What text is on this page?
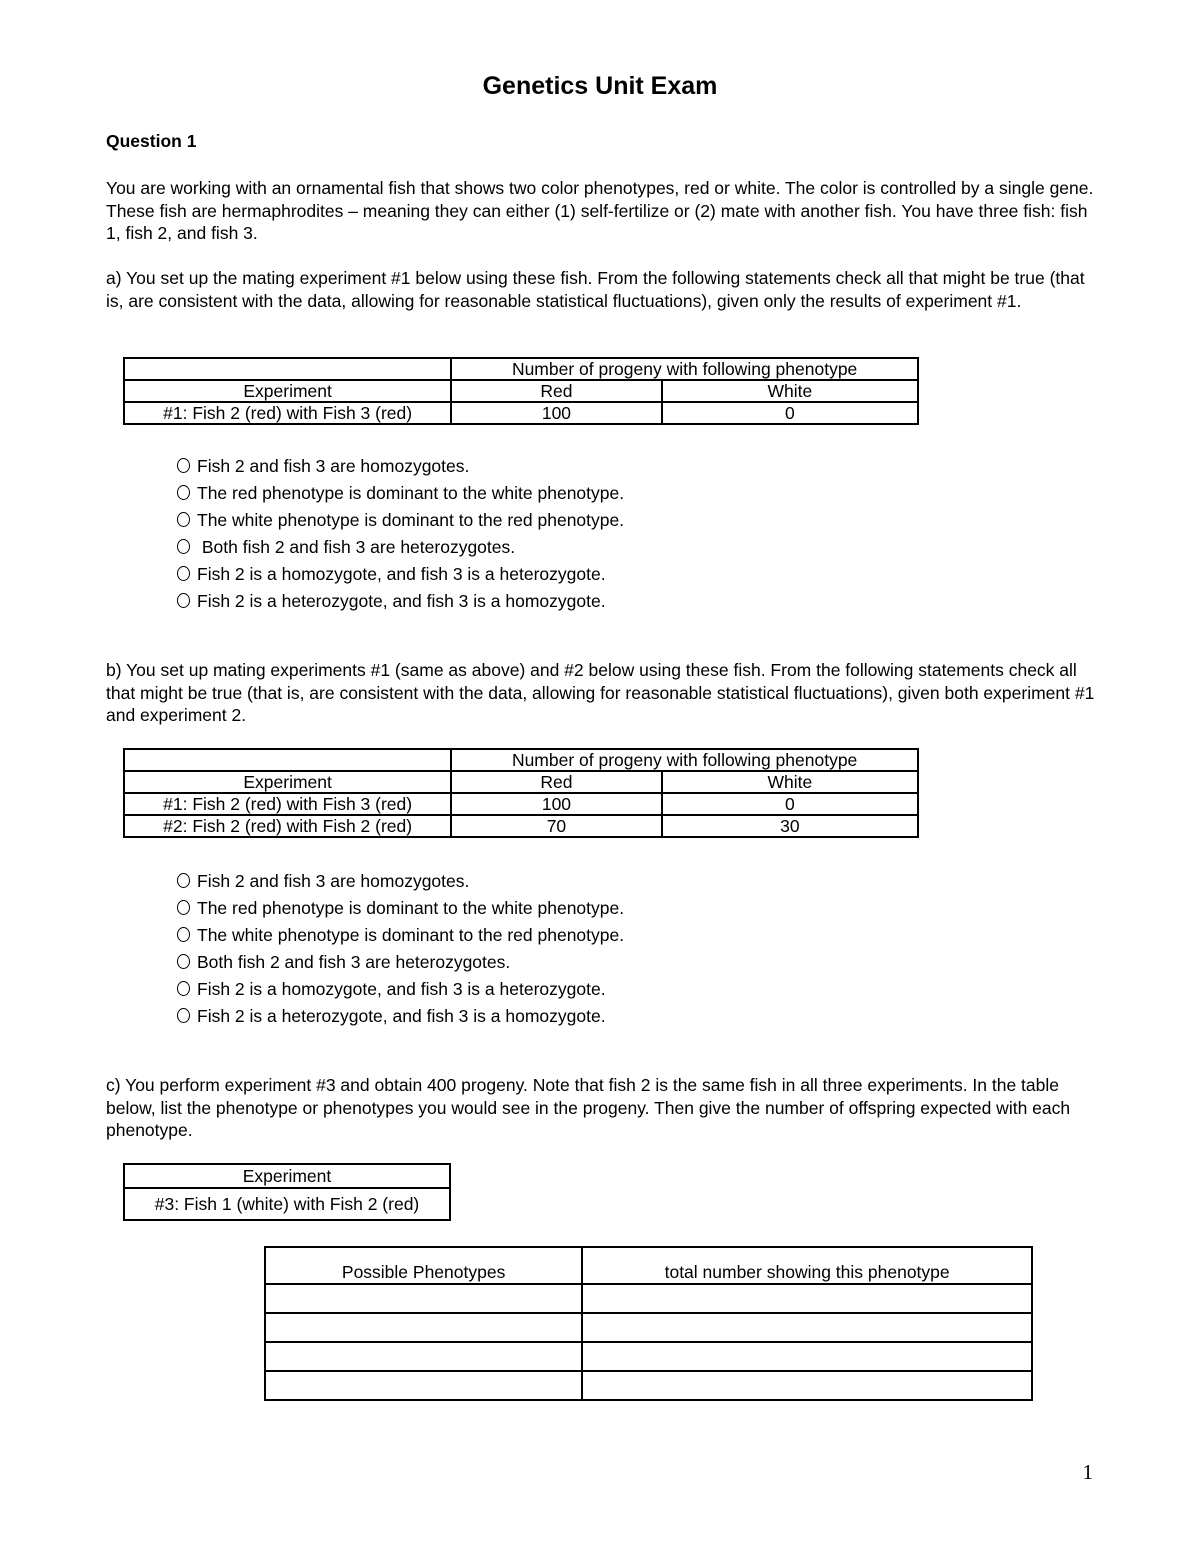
Genetics Unit Exam
Question 1
You are working with an ornamental fish that shows two color phenotypes, red or white. The color is controlled by a single gene. These fish are hermaphrodites – meaning they can either (1) self-fertilize or (2) mate with another fish. You have three fish: fish 1, fish 2, and fish 3.
a) You set up the mating experiment #1 below using these fish. From the following statements check all that might be true (that is, are consistent with the data, allowing for reasonable statistical fluctuations), given only the results of experiment #1.
	Number of progeny with following phenotype	
Experiment	Red	White
#1: Fish 2 (red) with Fish 3 (red)	100	0
Fish 2 and fish 3 are homozygotes.
The red phenotype is dominant to the white phenotype.
The white phenotype is dominant to the red phenotype.
Both fish 2 and fish 3 are heterozygotes.
Fish 2 is a homozygote, and fish 3 is a heterozygote.
Fish 2 is a heterozygote, and fish 3 is a homozygote.
b) You set up mating experiments #1 (same as above) and #2 below using these fish. From the following statements check all that might be true (that is, are consistent with the data, allowing for reasonable statistical fluctuations), given both experiment #1 and experiment 2.
	Number of progeny with following phenotype	
Experiment	Red	White
#1: Fish 2 (red) with Fish 3 (red)	100	0
#2: Fish 2 (red) with Fish 2 (red)	70	30
Fish 2 and fish 3 are homozygotes.
The red phenotype is dominant to the white phenotype.
The white phenotype is dominant to the red phenotype.
Both fish 2 and fish 3 are heterozygotes.
Fish 2 is a homozygote, and fish 3 is a heterozygote.
Fish 2 is a heterozygote, and fish 3 is a homozygote.
c) You perform experiment #3 and obtain 400 progeny. Note that fish 2 is the same fish in all three experiments. In the table below, list the phenotype or phenotypes you would see in the progeny. Then give the number of offspring expected with each phenotype.
Experiment
#3: Fish 1 (white) with Fish 2 (red)
Possible Phenotypes	total number showing this phenotype

1
